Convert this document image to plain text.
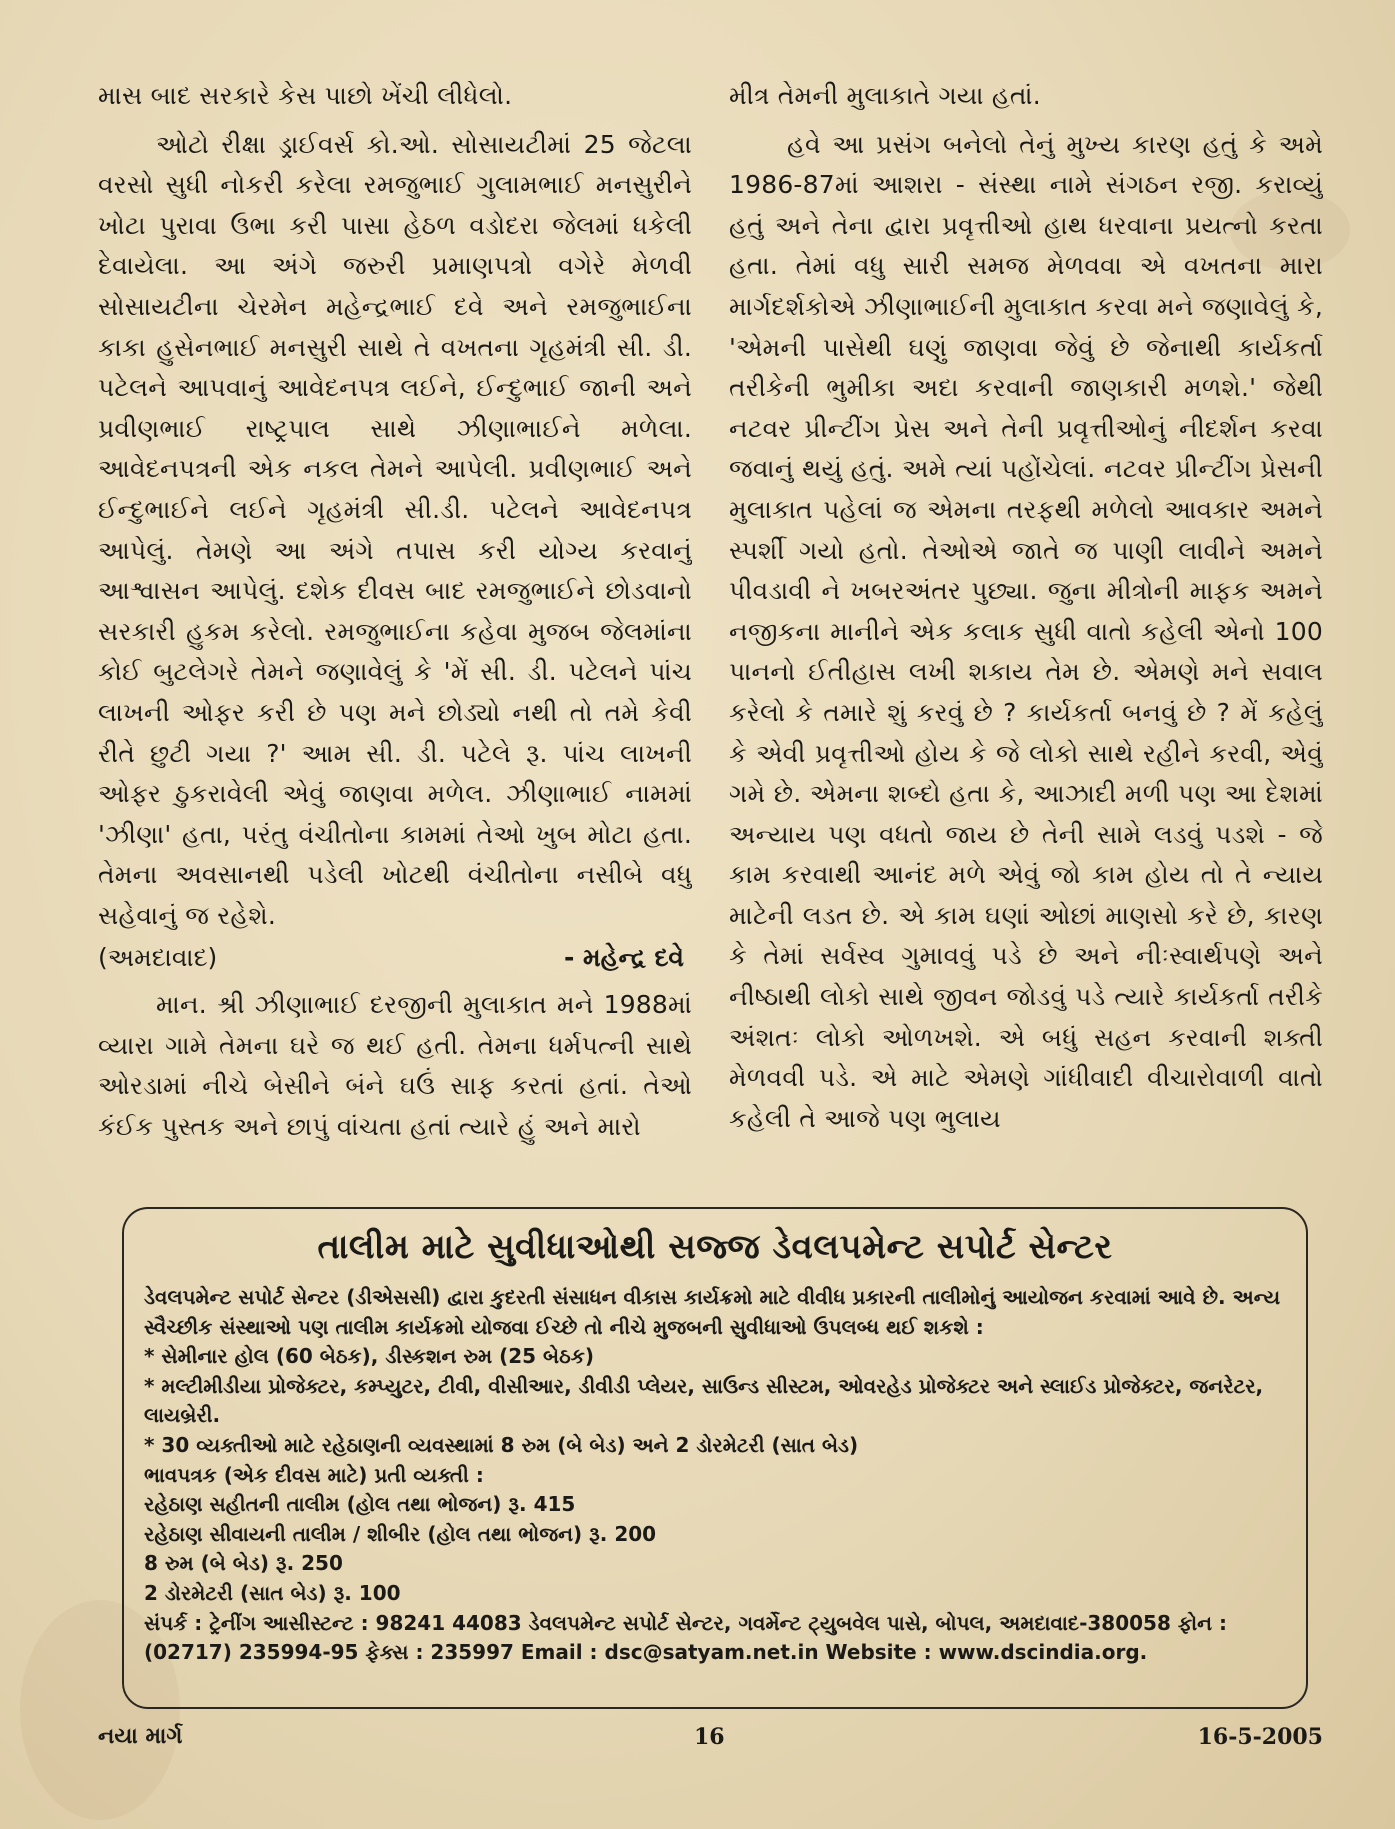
માસ બાદ સરકારે કેસ પાછો ખેંચી લીધેલો.

ઓટો રીક્ષા ડ્રાઈવર્સ કો.ઓ. સોસાયટીમાં 25 જેટલા વરસો સુધી નોકરી કરેલા રમજુભાઈ ગુલામભાઈ મનસુરીને ખોટા પુરાવા ઉભા કરી પાસા હેઠળ વડોદરા જેલમાં ધકેલી દેવાયેલા. આ અંગે જરુરી પ્રમાણપત્રો વગેરે મેળવી સોસાયટીના ચેરમેન મહેન્દ્રભાઈ દવે અને રમજુભાઈના કાકા હુસેનભાઈ મનસુરી સાથે તે વખતના ગૃહમંત્રી સી. ડી. પટેલને આપવાનું આવેદનપત્ર લઈને, ઈન્દુભાઈ જાની અને પ્રવીણભાઈ રાષ્ટ્રપાલ સાથે ઝીણાભાઈને મળેલા. આવેદનપત્રની એક નકલ તેમને આપેલી. પ્રવીણભાઈ અને ઈન્દુભાઈને લઈને ગૃહમંત્રી સી.ડી. પટેલને આવેદનપત્ર આપેલું. તેમણે આ અંગે તપાસ કરી યોગ્ય કરવાનું આશ્વાસન આપેલું. દશેક દીવસ બાદ રમજુભાઈને છોડવાનો સરકારી હુકમ કરેલો. રમજુભાઈના કહેવા મુજબ જેલમાંના કોઈ બુટલેગરે તેમને જણાવેલું કે 'મેં સી. ડી. પટેલને પાંચ લાખની ઓફર કરી છે પણ મને છોડ્યો નથી તો તમે કેવી રીતે છુટી ગયા ?' આમ સી. ડી. પટેલે રૂ. પાંચ લાખની ઓફર ઠુકરાવેલી એવું જાણવા મળેલ. ઝીણાભાઈ નામમાં 'ઝીણા' હતા, પરંતુ વંચીતોના કામમાં તેઓ ખુબ મોટા હતા. તેમના અવસાનથી પડેલી ખોટથી વંચીતોના નસીબે વધુ સહેવાનું જ રહેશે.

(અમદાવાદ)	- મહેન્દ્ર દવે

માન. શ્રી ઝીણાભાઈ દરજીની મુલાકાત મને 1988માં વ્યારા ગામે તેમના ઘરે જ થઈ હતી. તેમના ધર્મપત્ની સાથે ઓરડામાં નીચે બેસીને બંને ઘઉં સાફ કરતાં હતાં. તેઓ કંઈક પુસ્તક અને છાપું વાંચતા હતાં ત્યારે હું અને મારો

મીત્ર તેમની મુલાકાતે ગયા હતાં.

હવે આ પ્રસંગ બનેલો તેનું મુખ્ય કારણ હતું કે અમે 1986-87માં આશરા - સંસ્થા નામે સંગઠન રજી. કરાવ્યું હતું અને તેના દ્વારા પ્રવૃત્તીઓ હાથ ધરવાના પ્રયત્નો કરતા હતા. તેમાં વધુ સારી સમજ મેળવવા એ વખતના મારા માર્ગદર્શકોએ ઝીણાભાઈની મુલાકાત કરવા મને જણાવેલું કે, 'એમની પાસેથી ઘણું જાણવા જેવું છે જેનાથી કાર્યકર્તા તરીકેની ભુમીકા અદા કરવાની જાણકારી મળશે.' જેથી નટવર પ્રીન્ટીંગ પ્રેસ અને તેની પ્રવૃત્તીઓનું નીદર્શન કરવા જવાનું થયું હતું. અમે ત્યાં પહોંચેલાં. નટવર પ્રીન્ટીંગ પ્રેસની મુલાકાત પહેલાં જ એમના તરફથી મળેલો આવકાર અમને સ્પર્શી ગયો હતો. તેઓએ જાતે જ પાણી લાવીને અમને પીવડાવી ને ખબરઅંતર પુછ્યા. જુના મીત્રોની માફક અમને નજીકના માનીને એક કલાક સુધી વાતો કહેલી એનો 100 પાનનો ઈતીહાસ લખી શકાય તેમ છે. એમણે મને સવાલ કરેલો કે તમારે શું કરવું છે ? કાર્યકર્તા બનવું છે ? મેં કહેલું કે એવી પ્રવૃત્તીઓ હોય કે જે લોકો સાથે રહીને કરવી, એવું ગમે છે. એમના શબ્દો હતા કે, આઝાદી મળી પણ આ દેશમાં અન્યાય પણ વધતો જાય છે તેની સામે લડવું પડશે - જે કામ કરવાથી આનંદ મળે એવું જો કામ હોય તો તે ન્યાય માટેની લડત છે. એ કામ ઘણાં ઓછાં માણસો કરે છે, કારણ કે તેમાં સર્વસ્વ ગુમાવવું પડે છે અને નીઃસ્વાર્થપણે અને નીષ્ઠાથી લોકો સાથે જીવન જોડવું પડે ત્યારે કાર્યકર્તા તરીકે અંશતઃ લોકો ઓળખશે. એ બધું સહન કરવાની શક્તી મેળવવી પડે. એ માટે એમણે ગાંધીવાદી વીચારોવાળી વાતો કહેલી તે આજે પણ ભુલાય

તાલીમ માટે સુવીધાઓથી સજ્જ ડેવલપમેન્ટ સપોર્ટ સેન્ટર

ડેવલપમેન્ટ સપોર્ટ સેન્ટર (ડીએસસી) દ્વારા કુદરતી સંસાધન વીકાસ કાર્યક્રમો માટે વીવીધ પ્રકારની તાલીમોનું આયોજન કરવામાં આવે છે. અન્ય સ્વૈચ્છીક સંસ્થાઓ પણ તાલીમ કાર્યક્રમો યોજવા ઈચ્છે તો નીચે મુજબની સુવીધાઓ ઉપલબ્ધ થઈ શકશે :

* સેમીનાર હોલ (60 બેઠક), ડીસ્કશન રુમ (25 બેઠક)

* મલ્ટીમીડીયા પ્રોજેક્ટર, કમ્પ્યુટર, ટીવી, વીસીઆર, ડીવીડી પ્લેયર, સાઉન્ડ સીસ્ટમ, ઓવરહેડ પ્રોજેક્ટર અને સ્લાઈડ પ્રોજેક્ટર, જનરેટર, લાયબ્રેરી.

* 30 વ્યક્તીઓ માટે રહેઠાણની વ્યવસ્થામાં 8 રુમ (બે બેડ) અને 2 ડોરમેટરી (સાત બેડ)

ભાવપત્રક (એક દીવસ માટે) પ્રતી વ્યક્તી :

રહેઠાણ સહીતની તાલીમ (હોલ તથા ભોજન) રૂ. 415

રહેઠાણ સીવાયની તાલીમ / શીબીર (હોલ તથા ભોજન) રૂ. 200

8 રુમ (બે બેડ) રૂ. 250

2 ડોરમેટરી (સાત બેડ) રૂ. 100

સંપર્ક : ટ્રેનીંગ આસીસ્ટન્ટ : 98241 44083 ડેવલપમેન્ટ સપોર્ટ સેન્ટર, ગવર્મેન્ટ ટ્યુબવેલ પાસે, બોપલ, અમદાવાદ-380058 ફોન : (02717) 235994-95 ફેક્સ : 235997 Email : dsc@satyam.net.in Website : www.dscindia.org.

નયા માર્ગ	16	16-5-2005
